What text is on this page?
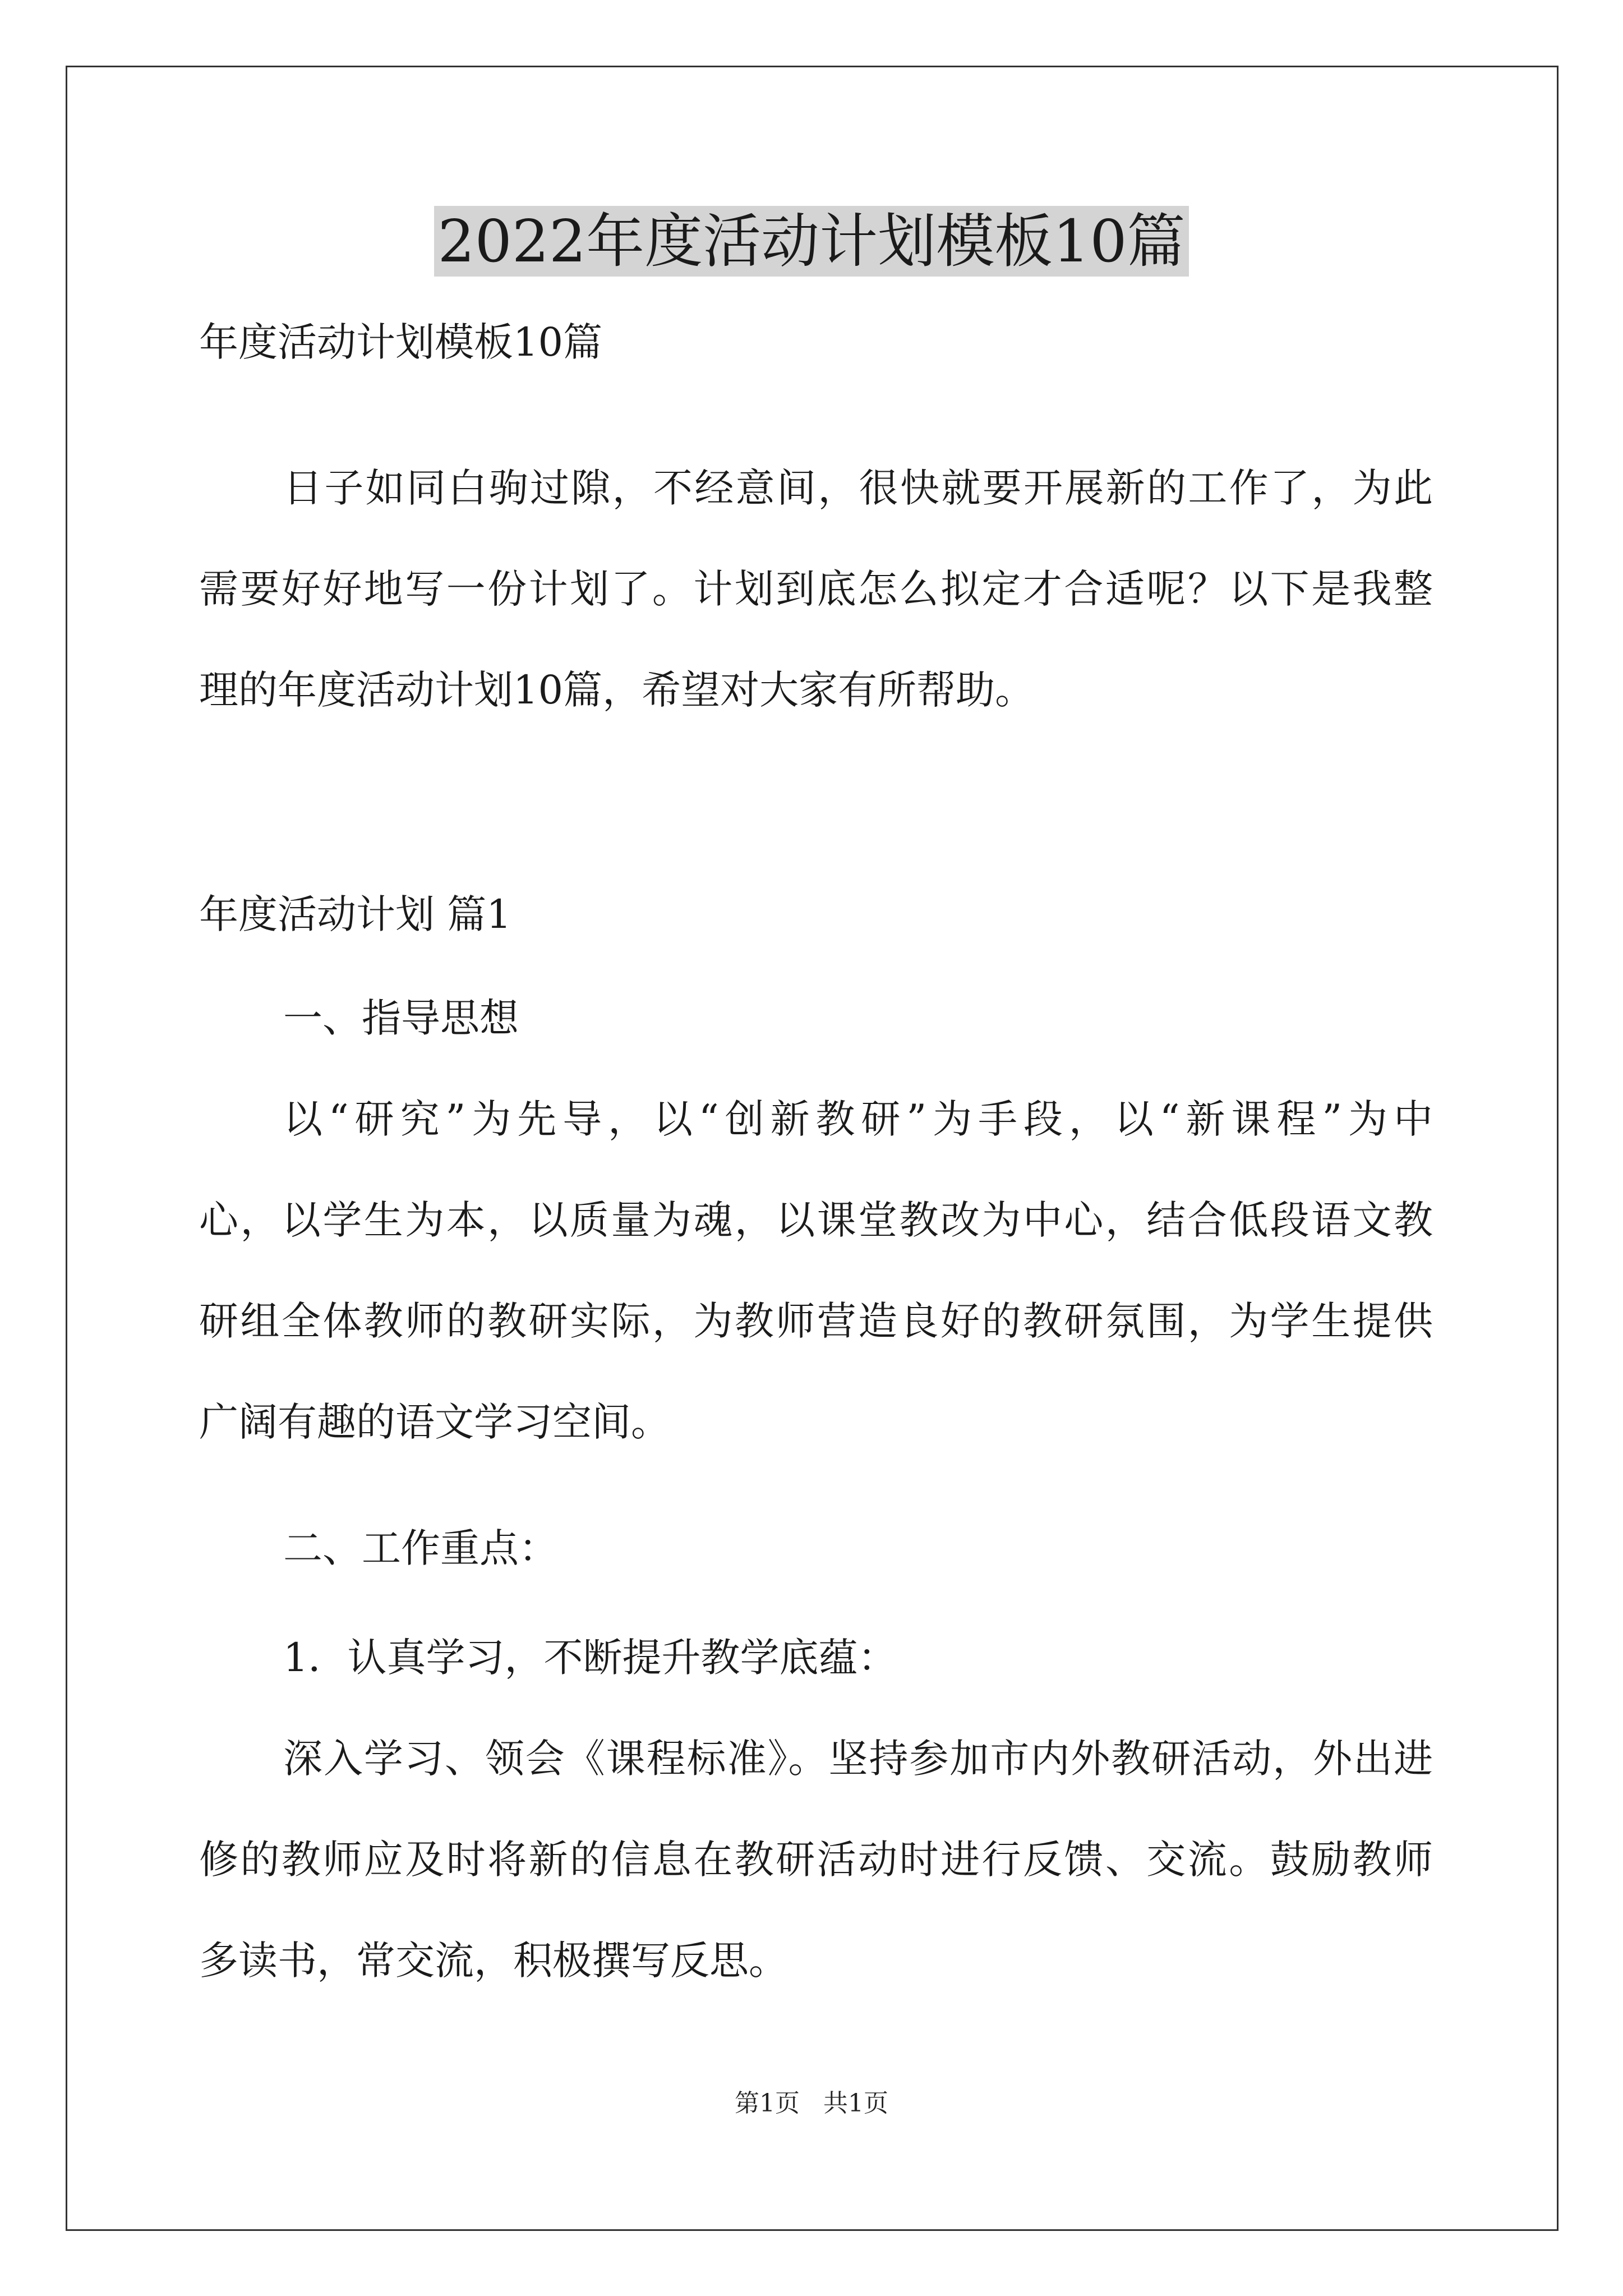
2022年度活动计划模板10篇
年度活动计划模板10篇
日子如同白驹过隙，不经意间，很快就要开展新的工作了，为此
需要好好地写一份计划了。计划到底怎么拟定才合适呢？以下是我整
理的年度活动计划10篇，希望对大家有所帮助。
年度活动计划 篇1
一、指导思想
以“研究”为先导，以“创新教研”为手段，以“新课程”为中
心，以学生为本，以质量为魂，以课堂教改为中心，结合低段语文教
研组全体教师的教研实际，为教师营造良好的教研氛围，为学生提供
广阔有趣的语文学习空间。
二、工作重点：
1．认真学习，不断提升教学底蕴：
深入学习、领会《课程标准》。坚持参加市内外教研活动，外出进
修的教师应及时将新的信息在教研活动时进行反馈、交流。鼓励教师
多读书，常交流，积极撰写反思。
第1页   共1页
